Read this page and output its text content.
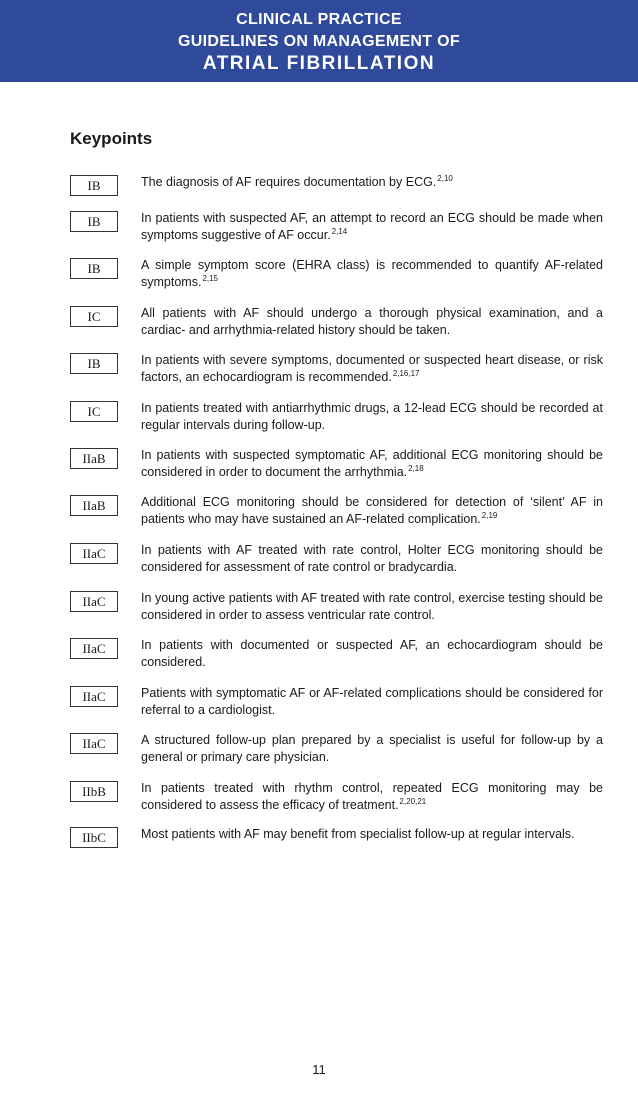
CLINICAL PRACTICE
GUIDELINES ON MANAGEMENT OF
ATRIAL FIBRILLATION
Keypoints
IB	The diagnosis of AF requires documentation by ECG.$^{2,10}$
IB	In patients with suspected AF, an attempt to record an ECG should be made when symptoms suggestive of AF occur.$^{2,14}$
IB	A simple symptom score (EHRA class) is recommended to quantify AF-related symptoms.$^{2,15}$
IC	All patients with AF should undergo a thorough physical examination, and a cardiac- and arrhythmia-related history should be taken.
IB	In patients with severe symptoms, documented or suspected heart disease, or risk factors, an echocardiogram is recommended.$^{2,16,17}$
IC	In patients treated with antiarrhythmic drugs, a 12-lead ECG should be recorded at regular intervals during follow-up.
IIaB	In patients with suspected symptomatic AF, additional ECG monitoring should be considered in order to document the arrhythmia.$^{2,18}$
IIaB	Additional ECG monitoring should be considered for detection of ‘silent’ AF in patients who may have sustained an AF-related complication.$^{2,19}$
IIaC	In patients with AF treated with rate control, Holter ECG monitoring should be considered for assessment of rate control or bradycardia.
IIaC	In young active patients with AF treated with rate control, exercise testing should be considered in order to assess ventricular rate control.
IIaC	In patients with documented or suspected AF, an echocardiogram should be considered.
IIaC	Patients with symptomatic AF or AF-related complications should be considered for referral to a cardiologist.
IIaC	A structured follow-up plan prepared by a specialist is useful for follow-up by a general or primary care physician.
IIbB	In patients treated with rhythm control, repeated ECG monitoring may be considered to assess the efficacy of treatment.$^{2,20,21}$
IIbC	Most patients with AF may benefit from specialist follow-up at regular intervals.
11
